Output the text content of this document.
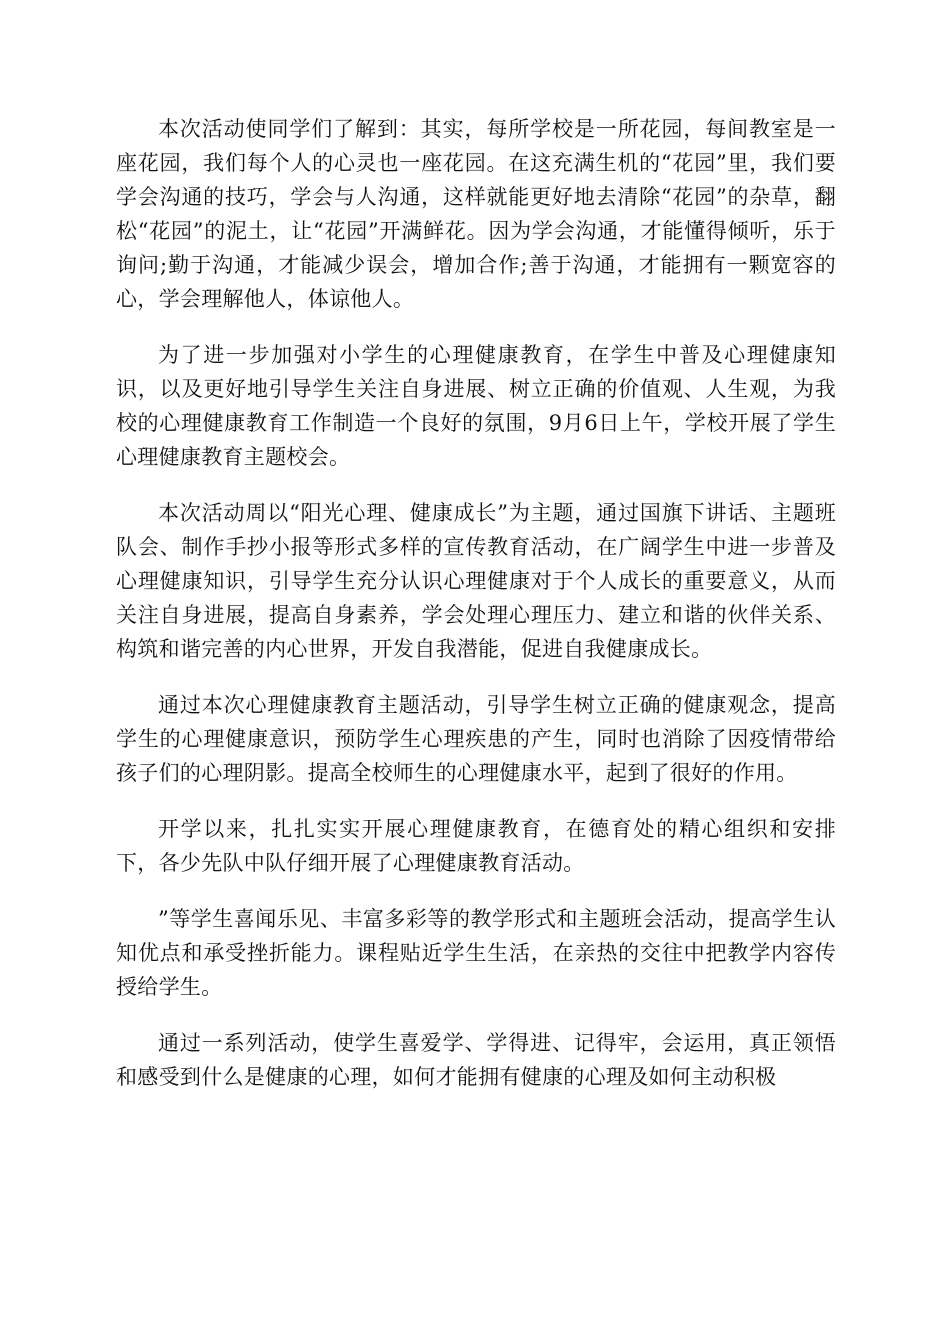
本次活动使同学们了解到：其实，每所学校是一所花园，每间教室是一座花园，我们每个人的心灵也一座花园。在这充满生机的“花园”里，我们要学会沟通的技巧，学会与人沟通，这样就能更好地去清除“花园”的杂草，翻松“花园”的泥土，让“花园”开满鲜花。因为学会沟通，才能懂得倾听，乐于询问;勤于沟通，才能减少误会，增加合作;善于沟通，才能拥有一颗宽容的心，学会理解他人，体谅他人。

为了进一步加强对小学生的心理健康教育，在学生中普及心理健康知识，以及更好地引导学生关注自身进展、树立正确的价值观、人生观，为我校的心理健康教育工作制造一个良好的氛围，9月6日上午，学校开展了学生心理健康教育主题校会。

本次活动周以“阳光心理、健康成长”为主题，通过国旗下讲话、主题班队会、制作手抄小报等形式多样的宣传教育活动，在广阔学生中进一步普及心理健康知识，引导学生充分认识心理健康对于个人成长的重要意义，从而关注自身进展，提高自身素养，学会处理心理压力、建立和谐的伙伴关系、构筑和谐完善的内心世界，开发自我潜能，促进自我健康成长。

通过本次心理健康教育主题活动，引导学生树立正确的健康观念，提高学生的心理健康意识，预防学生心理疾患的产生，同时也消除了因疫情带给孩子们的心理阴影。提高全校师生的心理健康水平，起到了很好的作用。

开学以来，扎扎实实开展心理健康教育，在德育处的精心组织和安排下，各少先队中队仔细开展了心理健康教育活动。

”等学生喜闻乐见、丰富多彩等的教学形式和主题班会活动，提高学生认知优点和承受挫折能力。课程贴近学生生活，在亲热的交往中把教学内容传授给学生。

通过一系列活动，使学生喜爱学、学得进、记得牢，会运用，真正领悟和感受到什么是健康的心理，如何才能拥有健康的心理及如何主动积极
